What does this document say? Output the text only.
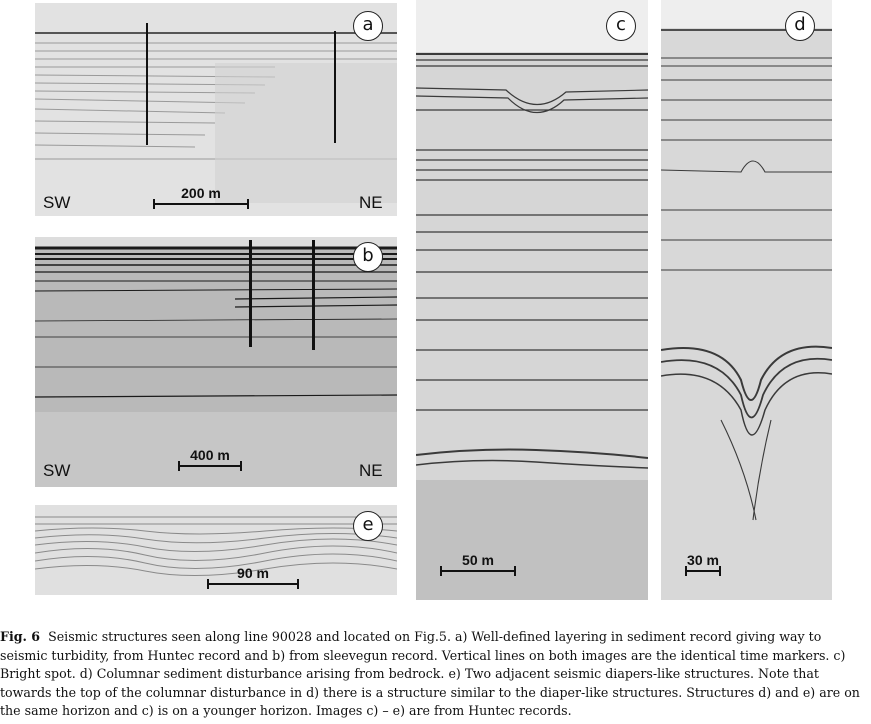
a
SW	NE
200 m
b
SW	NE
400 m
e
90 m
c
50 m
d
30 m
Fig. 6 Seismic structures seen along line 90028 and located on Fig.5. a) Well-defined layering in sediment record giving way to seismic turbidity, from Huntec record and b) from sleevegun record. Vertical lines on both images are the identical time markers. c) Bright spot. d) Columnar sediment disturbance arising from bedrock. e) Two adjacent seismic diapers-like structures. Note that towards the top of the columnar disturbance in d) there is a structure similar to the diaper-like structures. Structures d) and e) are on the same horizon and c) is on a younger horizon. Images c) – e) are from Huntec records.
